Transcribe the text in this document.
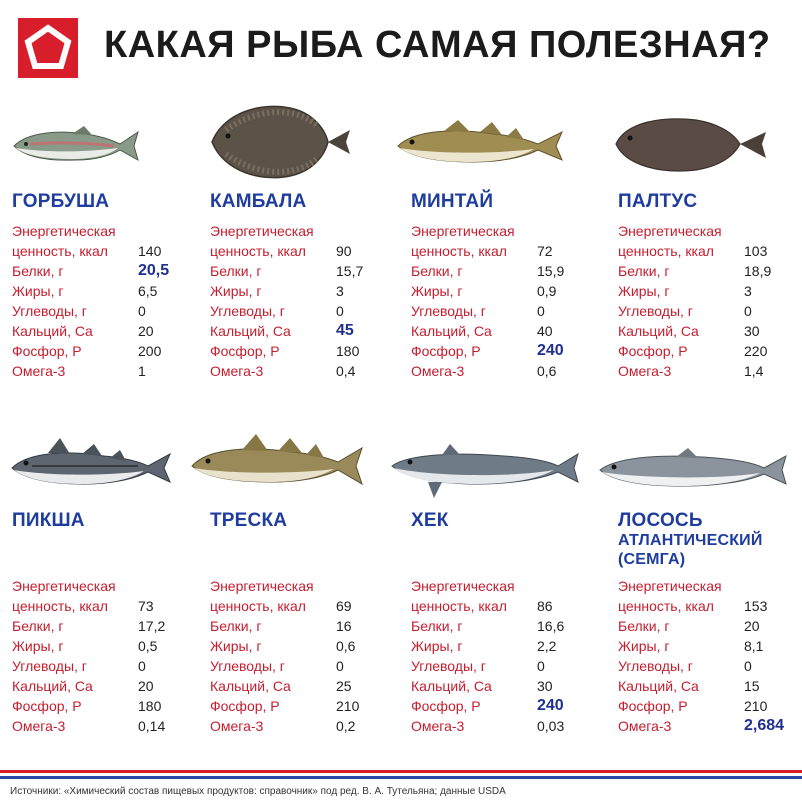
КАКАЯ РЫБА САМАЯ ПОЛЕЗНАЯ?
ГОРБУША	КАМБАЛА	МИНТАЙ	ПАЛТУС
ПИКША	ТРЕСКА	ХЕК	ЛОСОСЬ
АТЛАНТИЧЕСКИЙ
(СЕМГА)
Энергетическая
ценность, ккал 140
Белки, г	20,5
Жиры, г	6,5
Углеводы, г	0
Кальций, Ca	20
Фосфор, P	200
Омега-3	1
Энергетическая
ценность, ккал 90
Белки, г	15,7
Жиры, г	3
Углеводы, г	0
Кальций, Ca	45
Фосфор, P	180
Омега-3	0,4
Энергетическая
ценность, ккал 72
Белки, г	15,9
Жиры, г	0,9
Углеводы, г	0
Кальций, Ca	40
Фосфор, P	240
Омега-3	0,6
Энергетическая
ценность, ккал 103
Белки, г	18,9
Жиры, г	3
Углеводы, г	0
Кальций, Ca	30
Фосфор, P	220
Омега-3	1,4
Энергетическая
ценность, ккал 73
Белки, г	17,2
Жиры, г	0,5
Углеводы, г	0
Кальций, Ca	20
Фосфор, P	180
Омега-3	0,14
Энергетическая
ценность, ккал 69
Белки, г	16
Жиры, г	0,6
Углеводы, г	0
Кальций, Ca	25
Фосфор, P	210
Омега-3	0,2
Энергетическая
ценность, ккал 86
Белки, г	16,6
Жиры, г	2,2
Углеводы, г	0
Кальций, Ca	30
Фосфор, P	240
Омега-3	0,03
Энергетическая
ценность, ккал 153
Белки, г	20
Жиры, г	8,1
Углеводы, г	0
Кальций, Ca	15
Фосфор, P	210
Омега-3	2,684
Источники: «Химический состав пищевых продуктов: справочник» под ред. В. А. Тутельяна; данные USDA
